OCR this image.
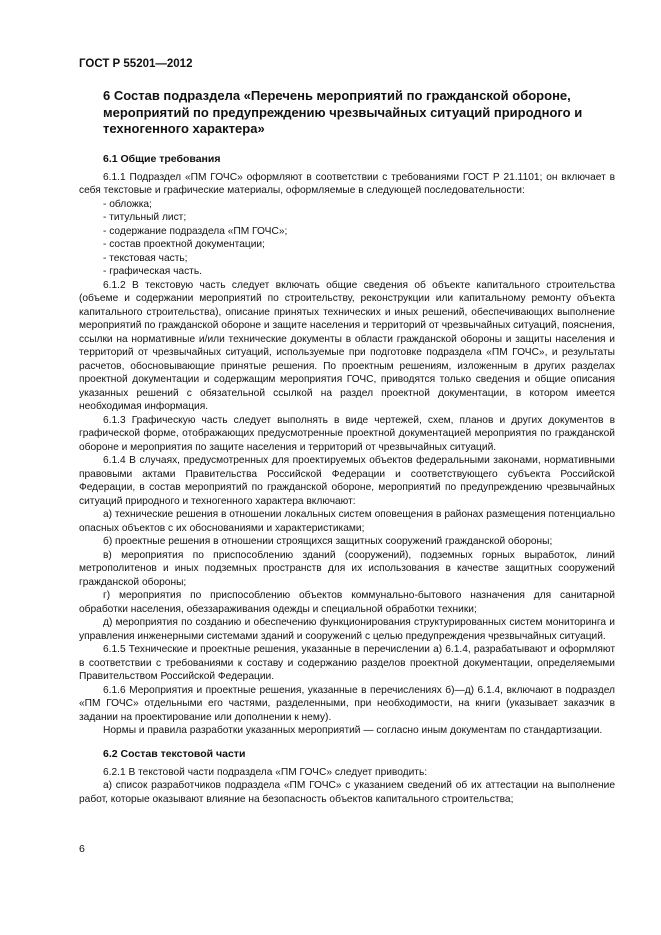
ГОСТ Р 55201—2012
6 Состав подраздела «Перечень мероприятий по гражданской обороне, мероприятий по предупреждению чрезвычайных ситуаций природного и техногенного характера»
6.1 Общие требования

6.1.1 Подраздел «ПМ ГОЧС» оформляют в соответствии с требованиями ГОСТ Р 21.1101; он включает в себя текстовые и графические материалы, оформляемые в следующей последовательности:

- обложка;
- титульный лист;
- содержание подраздела «ПМ ГОЧС»;
- состав проектной документации;
- текстовая часть;
- графическая часть.

6.1.2 В текстовую часть следует включать общие сведения об объекте капитального строительства (объеме и содержании мероприятий по строительству, реконструкции или капитальному ремонту объекта капитального строительства), описание принятых технических и иных решений, обеспечивающих выполнение мероприятий по гражданской обороне и защите населения и территорий от чрезвычайных ситуаций, пояснения, ссылки на нормативные и/или технические документы в области гражданской обороны и защиты населения и территорий от чрезвычайных ситуаций, используемые при подготовке подраздела «ПМ ГОЧС», и результаты расчетов, обосновывающие принятые решения. По проектным решениям, изложенным в других разделах проектной документации и содержащим мероприятия ГОЧС, приводятся только сведения и общие описания указанных решений с обязательной ссылкой на раздел проектной документации, в котором имеется необходимая информация.

6.1.3 Графическую часть следует выполнять в виде чертежей, схем, планов и других документов в графической форме, отображающих предусмотренные проектной документацией мероприятия по гражданской обороне и мероприятия по защите населения и территорий от чрезвычайных ситуаций.

6.1.4 В случаях, предусмотренных для проектируемых объектов федеральными законами, нормативными правовыми актами Правительства Российской Федерации и соответствующего субъекта Российской Федерации, в состав мероприятий по гражданской обороне, мероприятий по предупреждению чрезвычайных ситуаций природного и техногенного характера включают:

а) технические решения в отношении локальных систем оповещения в районах размещения потенциально опасных объектов с их обоснованиями и характеристиками;

б) проектные решения в отношении строящихся защитных сооружений гражданской обороны;

в) мероприятия по приспособлению зданий (сооружений), подземных горных выработок, линий метрополитенов и иных подземных пространств для их использования в качестве защитных сооружений гражданской обороны;

г) мероприятия по приспособлению объектов коммунально-бытового назначения для санитарной обработки населения, обеззараживания одежды и специальной обработки техники;

д) мероприятия по созданию и обеспечению функционирования структурированных систем мониторинга и управления инженерными системами зданий и сооружений с целью предупреждения чрезвычайных ситуаций.

6.1.5 Технические и проектные решения, указанные в перечислении а) 6.1.4, разрабатывают и оформляют в соответствии с требованиями к составу и содержанию разделов проектной документации, определяемыми Правительством Российской Федерации.

6.1.6 Мероприятия и проектные решения, указанные в перечислениях б)—д) 6.1.4, включают в подраздел «ПМ ГОЧС» отдельными его частями, разделенными, при необходимости, на книги (указывает заказчик в задании на проектирование или дополнении к нему).

Нормы и правила разработки указанных мероприятий — согласно иным документам по стандартизации.

6.2 Состав текстовой части

6.2.1 В текстовой части подраздела «ПМ ГОЧС» следует приводить:

а) список разработчиков подраздела «ПМ ГОЧС» с указанием сведений об их аттестации на выполнение работ, которые оказывают влияние на безопасность объектов капитального строительства;

6
